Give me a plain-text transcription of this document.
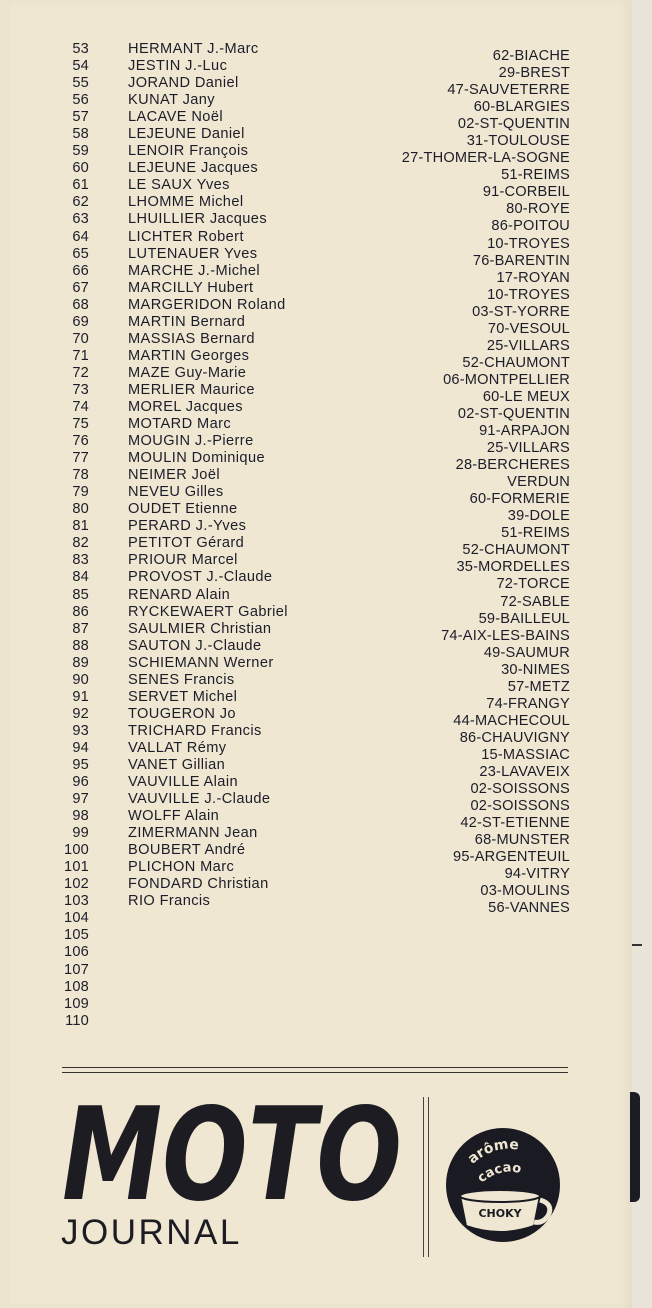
53	HERMANT J.-Marc	62-BIACHE
54	JESTIN J.-Luc	29-BREST
55	JORAND Daniel	47-SAUVETERRE
56	KUNAT Jany	60-BLARGIES
57	LACAVE Noël	02-ST-QUENTIN
58	LEJEUNE Daniel	31-TOULOUSE
59	LENOIR François	27-THOMER-LA-SOGNE
60	LEJEUNE Jacques	51-REIMS
61	LE SAUX Yves	91-CORBEIL
62	LHOMME Michel	80-ROYE
63	LHUILLIER Jacques	86-POITOU
64	LICHTER Robert	10-TROYES
65	LUTENAUER Yves	76-BARENTIN
66	MARCHE J.-Michel	17-ROYAN
67	MARCILLY Hubert	10-TROYES
68	MARGERIDON Roland	03-ST-YORRE
69	MARTIN Bernard	70-VESOUL
70	MASSIAS Bernard	25-VILLARS
71	MARTIN Georges	52-CHAUMONT
72	MAZE Guy-Marie	06-MONTPELLIER
73	MERLIER Maurice	60-LE MEUX
74	MOREL Jacques	02-ST-QUENTIN
75	MOTARD Marc	91-ARPAJON
76	MOUGIN J.-Pierre	25-VILLARS
77	MOULIN Dominique	28-BERCHERES
78	NEIMER Joël	VERDUN
79	NEVEU Gilles	60-FORMERIE
80	OUDET Etienne	39-DOLE
81	PERARD J.-Yves	51-REIMS
82	PETITOT Gérard	52-CHAUMONT
83	PRIOUR Marcel	35-MORDELLES
84	PROVOST J.-Claude	72-TORCE
85	RENARD Alain	72-SABLE
86	RYCKEWAERT Gabriel	59-BAILLEUL
87	SAULMIER Christian	74-AIX-LES-BAINS
88	SAUTON J.-Claude	49-SAUMUR
89	SCHIEMANN Werner	30-NIMES
90	SENES Francis	57-METZ
91	SERVET Michel	74-FRANGY
92	TOUGERON Jo	44-MACHECOUL
93	TRICHARD Francis	86-CHAUVIGNY
94	VALLAT Rémy	15-MASSIAC
95	VANET Gillian	23-LAVAVEIX
96	VAUVILLE Alain	02-SOISSONS
97	VAUVILLE J.-Claude	02-SOISSONS
98	WOLFF Alain	42-ST-ETIENNE
99	ZIMERMANN Jean	68-MUNSTER
100	BOUBERT André	95-ARGENTEUIL
101	PLICHON Marc	94-VITRY
102	FONDARD Christian	03-MOULINS
103	RIO Francis	56-VANNES
104
105
106
107
108
109
110
MOTO
JOURNAL
arôme
cacao
CHOKY
